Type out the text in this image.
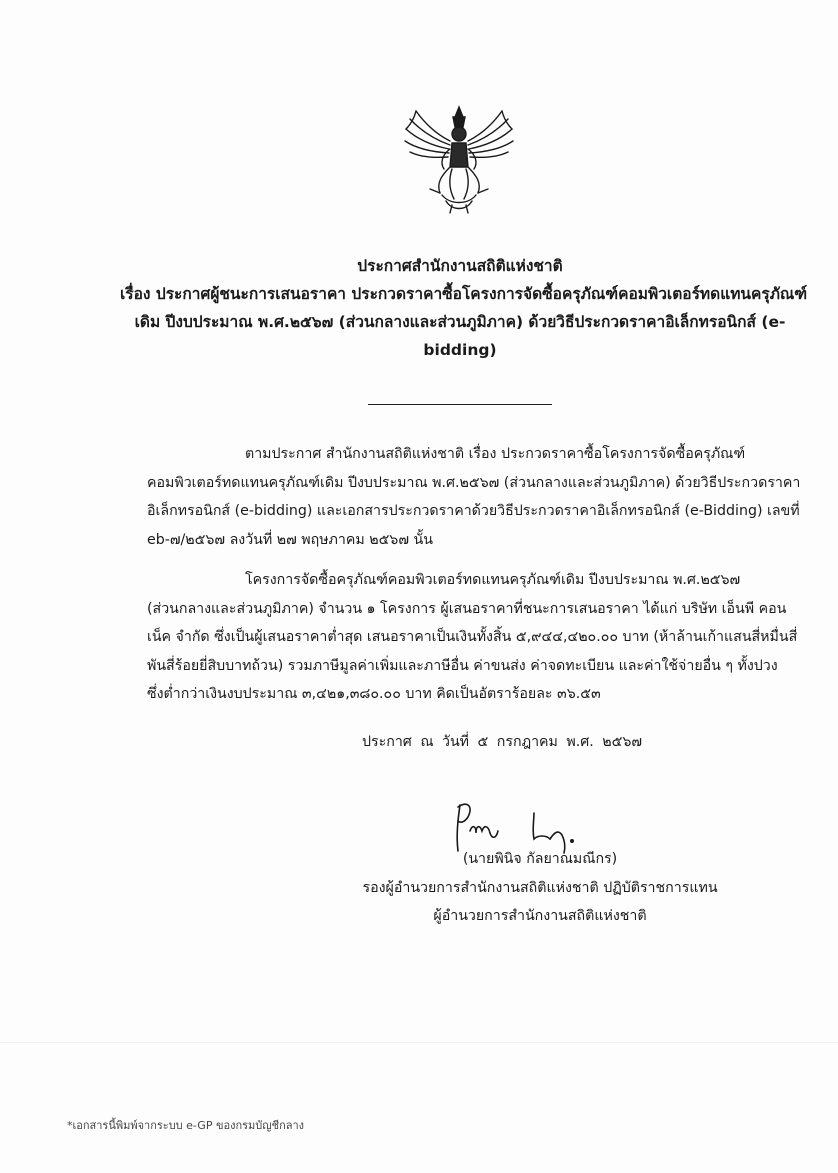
ประกาศสำนักงานสถิติแห่งชาติ
เรื่อง ประกาศผู้ชนะการเสนอราคา ประกวดราคาซื้อโครงการจัดซื้อครุภัณฑ์คอมพิวเตอร์ทดแทนครุภัณฑ์
เดิม ปีงบประมาณ พ.ศ.๒๕๖๗ (ส่วนกลางและส่วนภูมิภาค) ด้วยวิธีประกวดราคาอิเล็กทรอนิกส์ (e-
bidding)
ตามประกาศ สำนักงานสถิติแห่งชาติ เรื่อง ประกวดราคาซื้อโครงการจัดซื้อครุภัณฑ์
คอมพิวเตอร์ทดแทนครุภัณฑ์เดิม ปีงบประมาณ พ.ศ.๒๕๖๗ (ส่วนกลางและส่วนภูมิภาค) ด้วยวิธีประกวดราคา
อิเล็กทรอนิกส์ (e-bidding) และเอกสารประกวดราคาด้วยวิธีประกวดราคาอิเล็กทรอนิกส์ (e-Bidding) เลขที่
eb-๗/๒๕๖๗ ลงวันที่ ๒๗ พฤษภาคม ๒๕๖๗ นั้น
โครงการจัดซื้อครุภัณฑ์คอมพิวเตอร์ทดแทนครุภัณฑ์เดิม ปีงบประมาณ พ.ศ.๒๕๖๗
(ส่วนกลางและส่วนภูมิภาค) จำนวน ๑ โครงการ ผู้เสนอราคาที่ชนะการเสนอราคา ได้แก่ บริษัท เอ็นพี คอน
เน็ค จำกัด ซึ่งเป็นผู้เสนอราคาต่ำสุด เสนอราคาเป็นเงินทั้งสิ้น ๕,๙๔๔,๔๒๐.๐๐ บาท (ห้าล้านเก้าแสนสี่หมื่นสี่
พันสี่ร้อยยี่สิบบาทถ้วน) รวมภาษีมูลค่าเพิ่มและภาษีอื่น ค่าขนส่ง ค่าจดทะเบียน และค่าใช้จ่ายอื่น ๆ ทั้งปวง
ซึ่งต่ำกว่าเงินงบประมาณ ๓,๔๒๑,๓๘๐.๐๐ บาท คิดเป็นอัตราร้อยละ ๓๖.๕๓
ประกาศ ณ วันที่ ๕ กรกฎาคม พ.ศ. ๒๕๖๗
(นายพินิจ กัลยาณมณีกร)
รองผู้อำนวยการสำนักงานสถิติแห่งชาติ ปฏิบัติราชการแทน
ผู้อำนวยการสำนักงานสถิติแห่งชาติ
*เอกสารนี้พิมพ์จากระบบ e-GP ของกรมบัญชีกลาง
